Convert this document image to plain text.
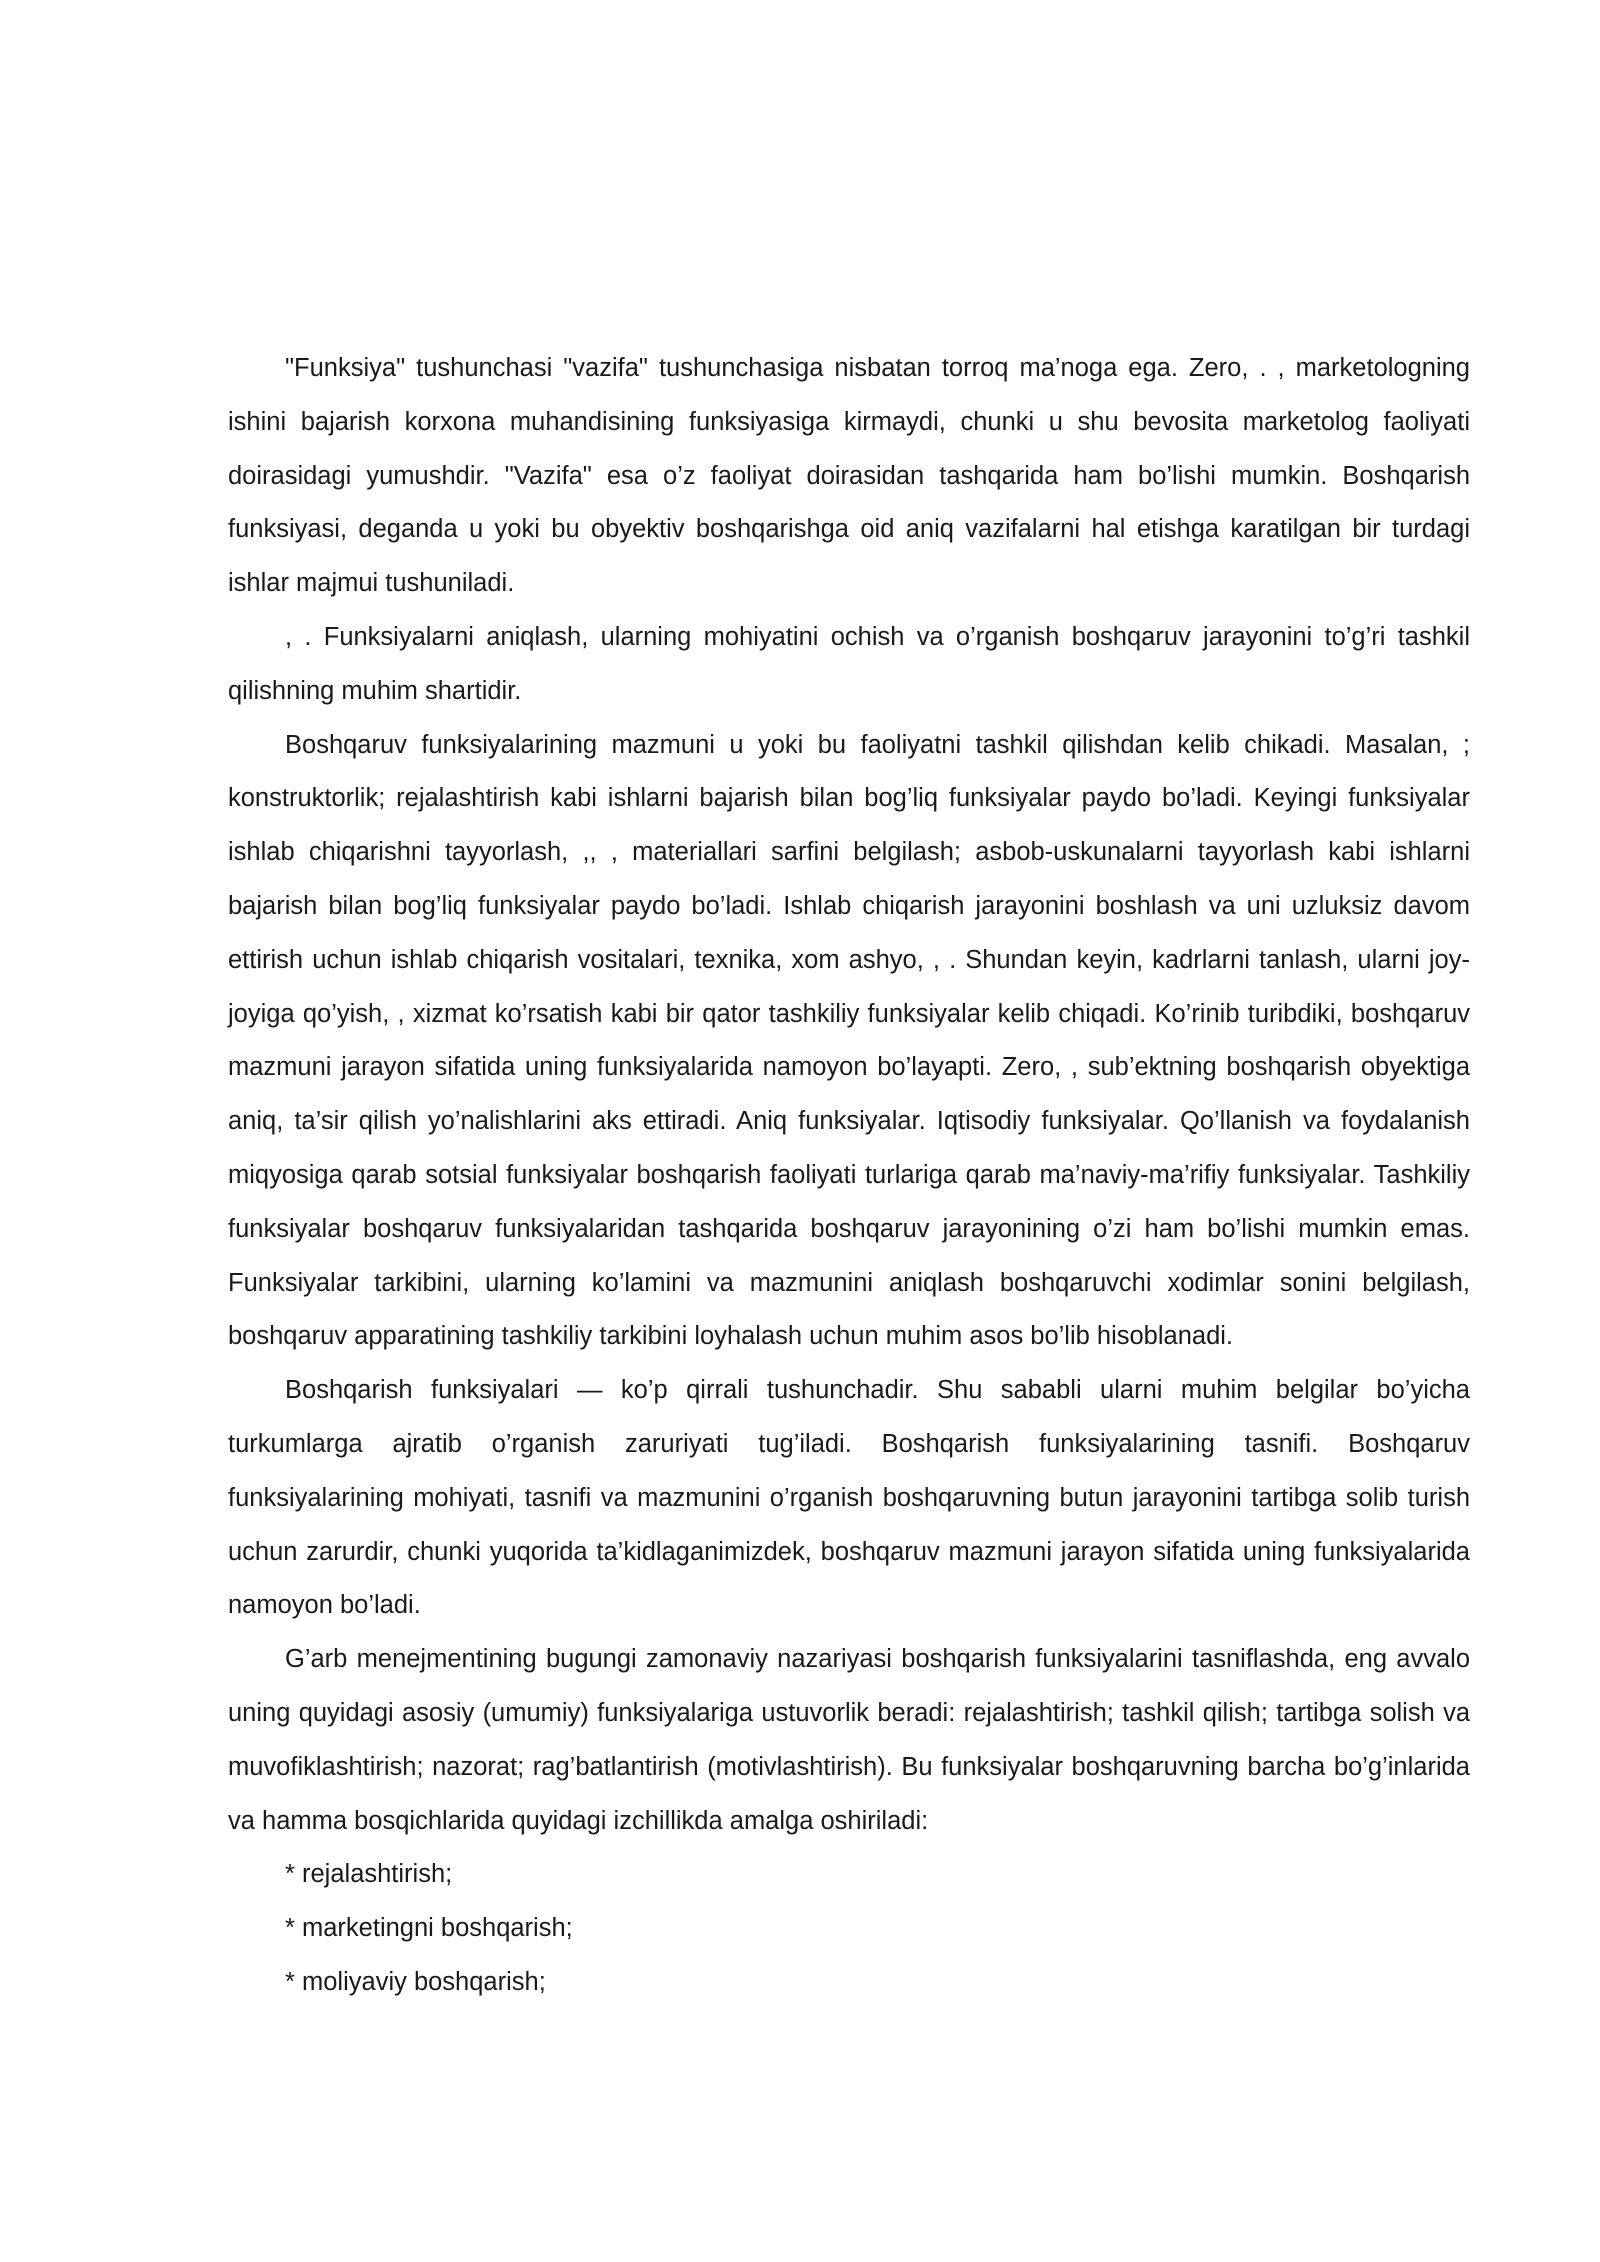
"Funksiya" tushunchasi "vazifa" tushunchasiga nisbatan torroq ma’noga ega. Zero, . , marketologning ishini bajarish korxona muhandisining funksiyasiga kirmaydi, chunki u shu bevosita marketolog faoliyati doirasidagi yumushdir. "Vazifa" esa o’z faoliyat doirasidan tashqarida ham bo’lishi mumkin. Boshqarish funksiyasi, deganda u yoki bu obyektiv boshqarishga oid aniq vazifalarni hal etishga karatilgan bir turdagi ishlar majmui tushuniladi.

, . Funksiyalarni aniqlash, ularning mohiyatini ochish va o’rganish boshqaruv jarayonini to’g’ri tashkil qilishning muhim shartidir.

Boshqaruv funksiyalarining mazmuni u yoki bu faoliyatni tashkil qilishdan kelib chikadi. Masalan, ; konstruktorlik; rejalashtirish kabi ishlarni bajarish bilan bog’liq funksiyalar paydo bo’ladi. Keyingi funksiyalar ishlab chiqarishni tayyorlash, ,, , materiallari sarfini belgilash; asbob-uskunalarni tayyorlash kabi ishlarni bajarish bilan bog’liq funksiyalar paydo bo’ladi. Ishlab chiqarish jarayonini boshlash va uni uzluksiz davom ettirish uchun ishlab chiqarish vositalari, texnika, xom ashyo, , . Shundan keyin, kadrlarni tanlash, ularni joy-joyiga qo’yish, , xizmat ko’rsatish kabi bir qator tashkiliy funksiyalar kelib chiqadi. Ko’rinib turibdiki, boshqaruv mazmuni jarayon sifatida uning funksiyalarida namoyon bo’layapti. Zero, , sub’ektning boshqarish obyektiga aniq, ta’sir qilish yo’nalishlarini aks ettiradi. Aniq funksiyalar. Iqtisodiy funksiyalar. Qo’llanish va foydalanish miqyosiga qarab sotsial funksiyalar boshqarish faoliyati turlariga qarab ma’naviy-ma’rifiy funksiyalar. Tashkiliy funksiyalar boshqaruv funksiyalaridan tashqarida boshqaruv jarayonining o’zi ham bo’lishi mumkin emas. Funksiyalar tarkibini, ularning ko’lamini va mazmunini aniqlash boshqaruvchi xodimlar sonini belgilash, boshqaruv apparatining tashkiliy tarkibini loyhalash uchun muhim asos bo’lib hisoblanadi.

Boshqarish funksiyalari — ko’p qirrali tushunchadir. Shu sababli ularni muhim belgilar bo’yicha turkumlarga ajratib o’rganish zaruriyati tug’iladi. Boshqarish funksiyalarining tasnifi. Boshqaruv funksiyalarining mohiyati, tasnifi va mazmunini o’rganish boshqaruvning butun jarayonini tartibga solib turish uchun zarurdir, chunki yuqorida ta’kidlaganimizdek, boshqaruv mazmuni jarayon sifatida uning funksiyalarida namoyon bo’ladi.

G’arb menejmentining bugungi zamonaviy nazariyasi boshqarish funksiyalarini tasniflashda, eng avvalo uning quyidagi asosiy (umumiy) funksiyalariga ustuvorlik beradi: rejalashtirish; tashkil qilish; tartibga solish va muvofiklashtirish; nazorat; rag’batlantirish (motivlashtirish). Bu funksiyalar boshqaruvning barcha bo’g’inlarida va hamma bosqichlarida quyidagi izchillikda amalga oshiriladi:

* rejalashtirish;

* marketingni boshqarish;

* moliyaviy boshqarish;
